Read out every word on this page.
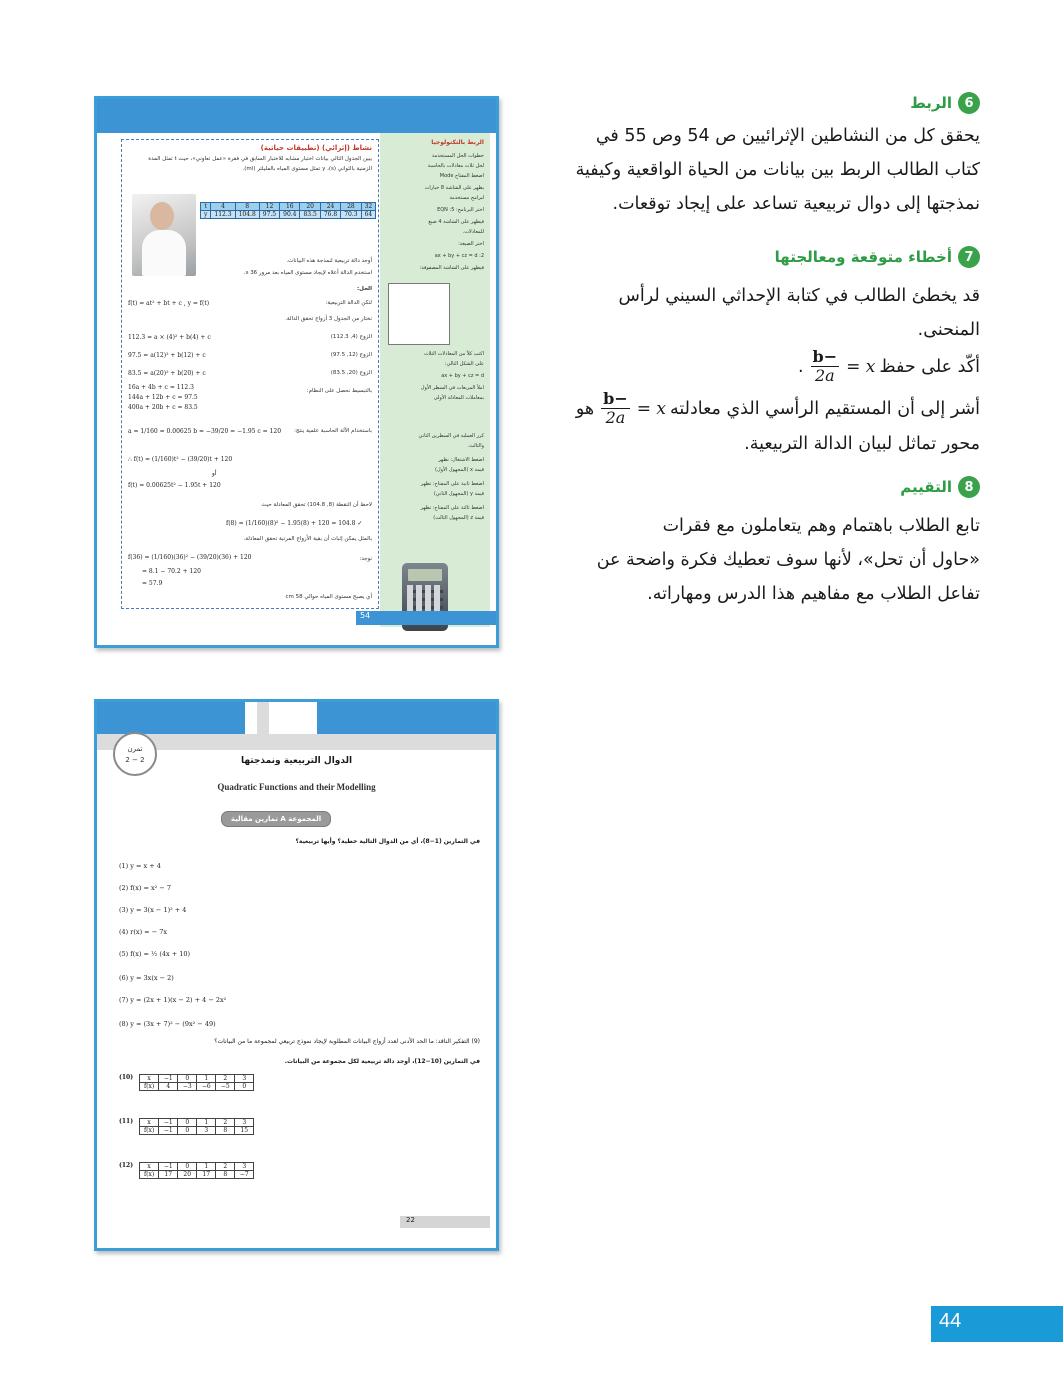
نشاط (إثرائي) (تطبيقات حياتية)
يبين الجدول التالي بيانات اختبار مشابه للاختبار السابق في فقرة «عمل تعاوني»، حيث t تمثل المدة
الزمنية بالثواني (s)، y تمثل مستوى المياه بالمليلتر (ml).
t	4	8	12	16	20	24	28	32
y	112.3	104.8	97.5	90.4	83.5	76.8	70.3	64
أوجد دالة تربيعية لنمذجة هذه البيانات.
استخدم الدالة أعلاه لإيجاد مستوى المياه بعد مرور 36 s.
الحل:
لتكن الدالة التربيعية:
f(t) = at² + bt + c , y = f(t)
نختار من الجدول 3 أزواج تحقق الدالة.
112.3 = a × (4)² + b(4) + c	الزوج (4, 112.3)
97.5 = a(12)² + b(12) + c	الزوج (12, 97.5)
83.5 = a(20)² + b(20) + c	الزوج (20, 83.5)
بالتبسيط نحصل على النظام:
16a + 4b + c = 112.3
144a + 12b + c = 97.5
400a + 20b + c = 83.5
باستخدام الآلة الحاسبة علمية ينتج:
a = 1/160 = 0.00625 b = −39/20 = −1.95 c = 120
∴ f(t) = (1/160)t² − (39/20)t + 120
أو
f(t) = 0.00625t² − 1.95t + 120
لاحظ أن النقطة (8, 104.8) تحقق المعادلة حيث
f(8) = (1/160)(8)² − 1.95(8) + 120 = 104.8 ✓
بالمثل يمكن إثبات أن بقية الأزواج المرتبة تحقق المعادلة.
نوجد:
f(36) = (1/160)(36)² − (39/20)(36) + 120
= 8.1 − 70.2 + 120
= 57.9
أي يصبح مستوى المياه حوالي 58 cm
الربط بالتكنولوجيا
خطوات الحل المستخدمة
لحل ثلاث معادلات بالحاسبة
اضغط المفتاح Mode
يظهر على الشاشة 8 خيارات
لبرامج مستخدمة
اختر البرنامج: 5: EQN
فيظهر على الشاشة 4 صيغ
للمعادلات.
اختر الصيغة:
2: ax + by + cz = d
فيظهر على الشاشة المصفوفة:
اكتب كلاً من المعادلات الثلاث
على الشكل التالي:
ax + by + cz = d
املأ المربعات في السطر الأول
بمعاملات المعادلة الأولى
كرر العملية في السطرين الثاني
والثالث.
اضغط الاشتغال: تظهر
قيمة x (المجهول الأول)
اضغط ثانية على المفتاح: تظهر
قيمة y (المجهول الثاني)
اضغط ثالثة على المفتاح: تظهر
قيمة z (المجهول الثالث)
54
تمرن
2 − 2	الدوال التربيعية ونمذجتها
Quadratic Functions and their Modelling
المجموعة A تمارين مقالية
في التمارين (1−8)، أي من الدوال التالية خطية؟ وأيها تربيعية؟
(1) y = x + 4
(2) f(x) = x² − 7
(3) y = 3(x − 1)² + 4
(4) r(x) = − 7x
(5) f(x) = ½ (4x + 10)
(6) y = 3x(x − 2)
(7) y = (2x + 1)(x − 2) + 4 − 2x²
(8) y = (3x + 7)² − (9x² − 49)
(9) التفكير الناقد: ما الحد الأدنى لعدد أزواج البيانات المطلوبة لإيجاد نموذج تربيعي لمجموعة ما من البيانات؟
في التمارين (10−12)، أوجد دالة تربيعية لكل مجموعة من البيانات.
(10) x	−1	0	1	2	3
f(x)	4	−3	−6	−5	0
(11) x	−1	0	1	2	3
f(x)	−1	0	3	8	15
(12) x	−1	0	1	2	3
f(x)	17	20	17	8	−7
22
6
الربط
يحقق كل من النشاطين الإثرائيين ص 54 وص 55 في
كتاب الطالب الربط بين بيانات من الحياة الواقعية وكيفية
نمذجتها إلى دوال تربيعية تساعد على إيجاد توقعات.
7
أخطاء متوقعة ومعالجتها
قد يخطئ الطالب في كتابة الإحداثي السيني لرأس
المنحنى.
أكّد على حفظ
x =
$\frac{-b}{2a}$
.
أشر إلى أن المستقيم الرأسي الذي معادلته
x =
$\frac{-b}{2a}$
هو
محور تماثل لبيان الدالة التربيعية.
8
التقييم
تابع الطلاب باهتمام وهم يتعاملون مع فقرات
«حاول أن تحل»، لأنها سوف تعطيك فكرة واضحة عن
تفاعل الطلاب مع مفاهيم هذا الدرس ومهاراته.
44
